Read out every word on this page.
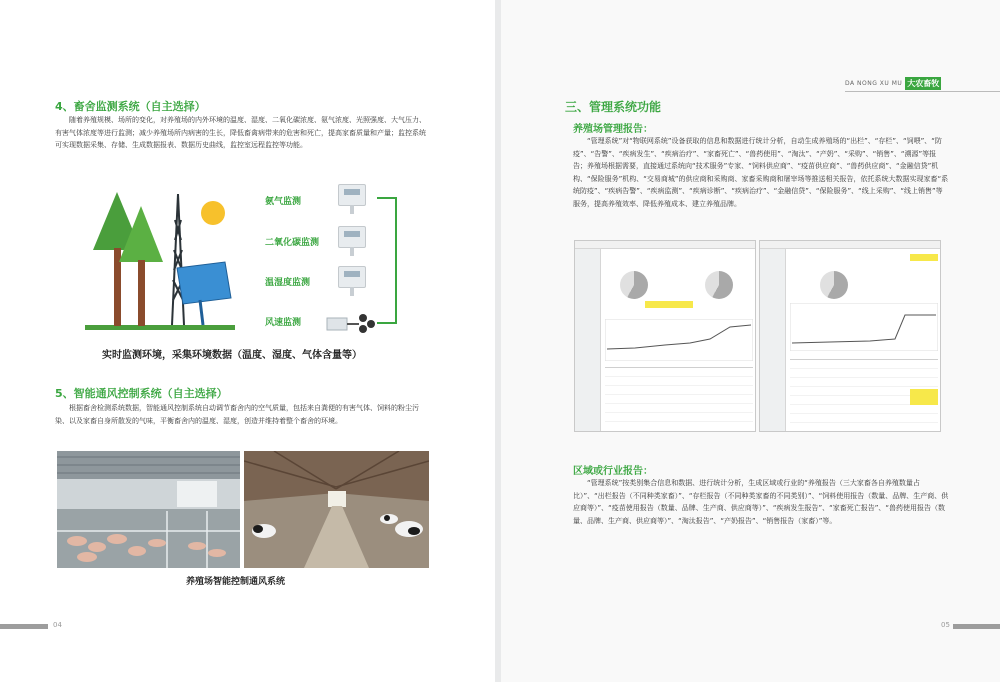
4、畜舍监测系统（自主选择）
随着养殖规模、场所的变化，对养殖场的内外环境的温度、湿度、二氧化碳浓度、氨气浓度、光照强度、大气压力、有害气体浓度等进行监测；减少养殖场所内病害的生长，降低畜禽病带来的危害和死亡，提高家畜质量和产量；监控系统可实现数据采集、存储、生成数据报表、数据历史曲线，监控室远程监控等功能。
氨气监测
二氧化碳监测
温湿度监测
风速监测
实时监测环境，采集环境数据（温度、湿度、气体含量等）
5、智能通风控制系统（自主选择）
根据畜舍检测系统数据，智能通风控制系统自动调节畜舍内的空气质量，包括来自粪便的有害气体、饲料的粉尘污染、以及家畜自身所散发的气味，平衡畜舍内的温度、湿度，创造并维持着整个畜舍的环境。
养殖场智能控制通风系统
04
DA NONG XU MU 大农畜牧
三、管理系统功能
养殖场管理报告：
“管理系统”对“物联网系统”设备获取的信息和数据进行统计分析，自动生成养殖场的“出栏”、“存栏”、“饲喂”、“防疫”、“告警”、“疾病发生”、“疾病治疗”、“家畜死亡”、“兽药使用”、“淘汰”、“产奶”、“采购”、“销售”、“溯源”等报告；养殖场根据需要，直接通过系统向“技术服务”专家、“饲料供应商”、“疫苗供应商”、“兽药供应商”、“金融信贷”机构、“保险服务”机构、“交易商城”的供应商和采购商、家畜采购商和屠宰场等推送相关报告，依托系统大数据实现家畜“系统防疫”、“疾病告警”、“疾病监测”、“疾病诊断”、“疾病治疗”、“金融信贷”、“保险服务”、“线上采购”、“线上销售”等服务，提高养殖效率、降低养殖成本、建立养殖品牌。
区域或行业报告：
“管理系统”按类别集合信息和数据、进行统计分析，生成区域或行业的“养殖报告（三大家畜各自养殖数量占比）”、“出栏报告（不同种类家畜）”、“存栏报告（不同种类家畜的不同类别）”、“饲料使用报告（数量、品牌、生产商、供应商等）”、“疫苗使用报告（数量、品牌、生产商、供应商等）”、“疾病发生报告”、“家畜死亡报告”、“兽药使用报告（数量、品牌、生产商、供应商等）”、“淘汰报告”、“产奶报告”、“销售报告（家畜）”等。
05
